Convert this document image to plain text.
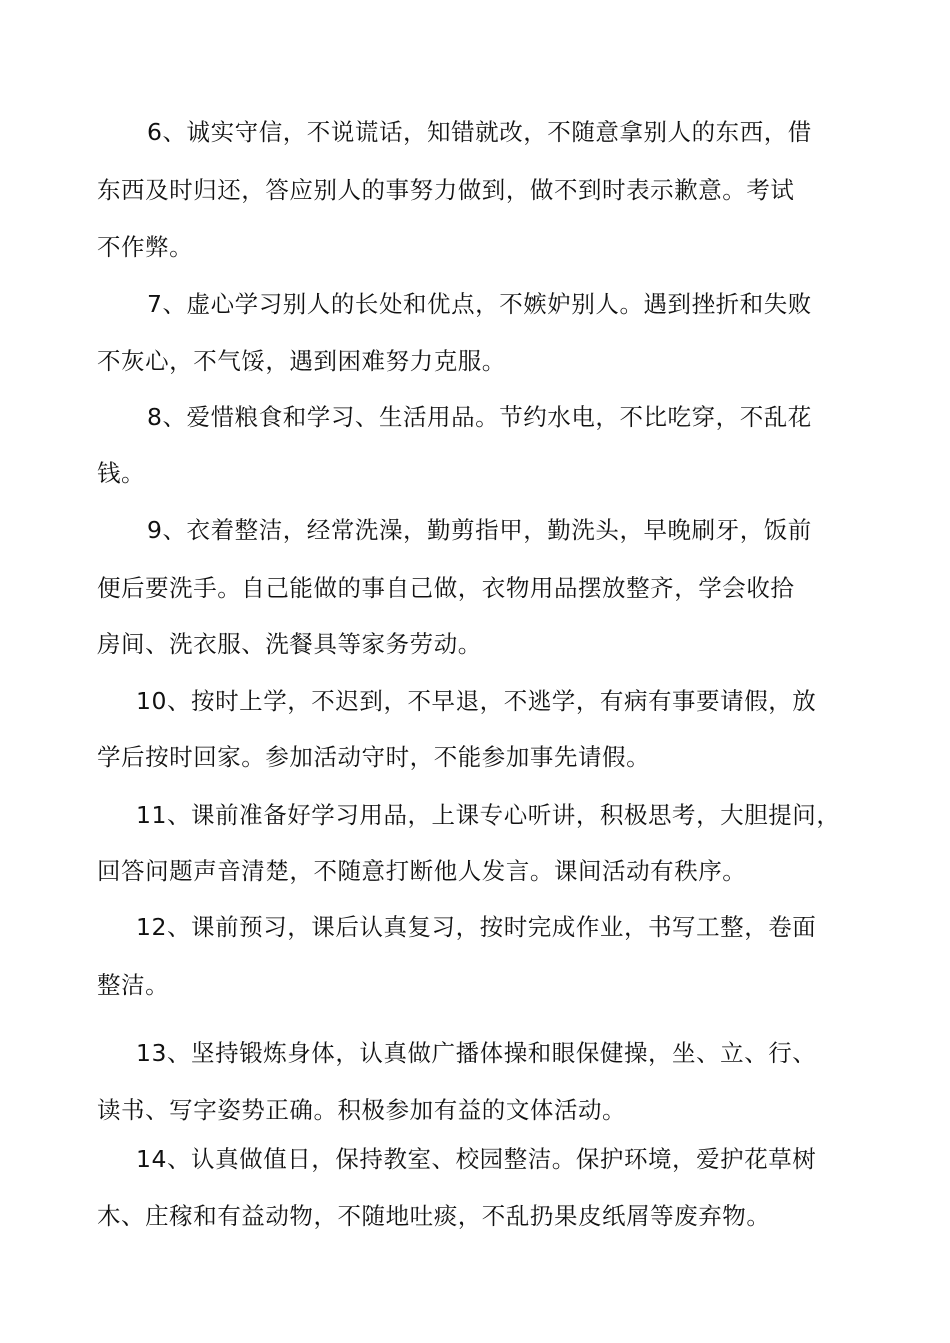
6、诚实守信，不说谎话，知错就改，不随意拿别人的东西，借
东西及时归还，答应别人的事努力做到，做不到时表示歉意。考试
不作弊。
7、虚心学习别人的长处和优点，不嫉妒别人。遇到挫折和失败
不灰心，不气馁，遇到困难努力克服。
8、爱惜粮食和学习、生活用品。节约水电，不比吃穿，不乱花
钱。
9、衣着整洁，经常洗澡，勤剪指甲，勤洗头，早晚刷牙，饭前
便后要洗手。自己能做的事自己做，衣物用品摆放整齐，学会收拾
房间、洗衣服、洗餐具等家务劳动。
10、按时上学，不迟到，不早退，不逃学，有病有事要请假，放
学后按时回家。参加活动守时，不能参加事先请假。
11、课前准备好学习用品，上课专心听讲，积极思考，大胆提问，
回答问题声音清楚，不随意打断他人发言。课间活动有秩序。
12、课前预习，课后认真复习，按时完成作业，书写工整，卷面
整洁。
13、坚持锻炼身体，认真做广播体操和眼保健操，坐、立、行、
读书、写字姿势正确。积极参加有益的文体活动。
14、认真做值日，保持教室、校园整洁。保护环境，爱护花草树
木、庄稼和有益动物，不随地吐痰，不乱扔果皮纸屑等废弃物。
